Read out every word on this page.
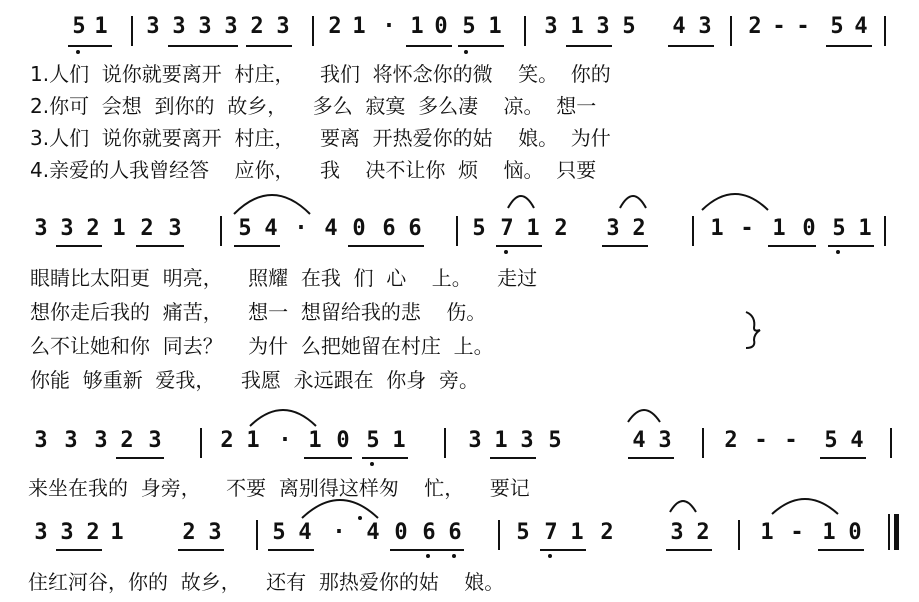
5 1 3 3 3 3 2 3 2 1 · 1 0 5 1 3 1 3 5 4 3 2 - - 5 4
1.人们  说你就要离开  村庄，    我们  将怀念你的微    笑。  你的
2.你可  会想  到你的  故乡，    多么  寂寞  多么凄    凉。  想一
3.人们  说你就要离开  村庄，    要离  开热爱你的姑    娘。  为什
4.亲爱的人我曾经答    应你，    我    决不让你  烦    恼。  只要
3 3 2 1 2 3	5 4 · 4 0 6 6 5 7 1 2 3 2	1 - 1 0 5 1
眼睛比太阳更  明亮，    照耀  在我  们  心    上。    走过
想你走后我的  痛苦，    想一  想留给我的悲    伤。
么不让她和你  同去？    为什  么把她留在村庄  上。
你能  够重新  爱我，    我愿  永远跟在  你身  旁。
3 3 3 2 3	2 1 · 1 0 5 1	3 1 3 5	4 3 2 - - 5 4
来坐在我的  身旁，    不要  离别得这样匆    忙，    要记
3 3 2 1	2 3 5 4 · 4 0 6 6 5 7 1 2	3 2 1 - 1 0
住红河谷，你的  故乡，    还有  那热爱你的姑    娘。
